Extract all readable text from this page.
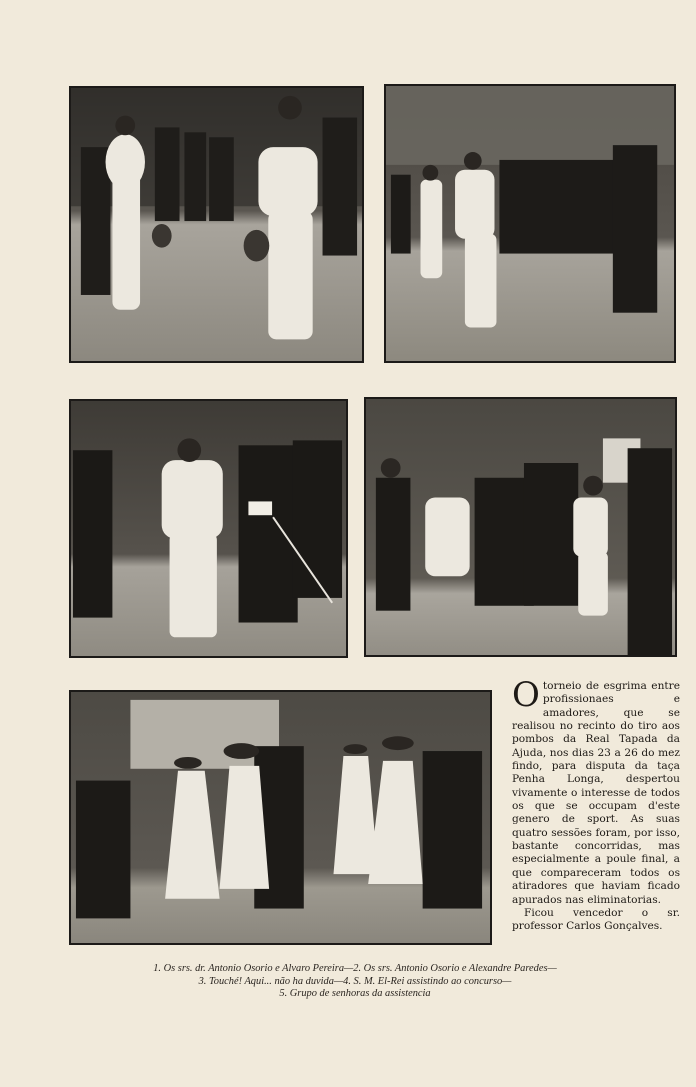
Otorneio de esgrima entre profissionaes e amadores, que se realisou no recinto do tiro aos pombos da Real Tapada da Ajuda, nos dias 23 a 26 do mez findo, para disputa da taça Penha Longa, despertou vivamente o interesse de todos os que se occupam d'este genero de sport. As suas quatro sessões foram, por isso, bastante concorridas, mas especialmente a poule final, a que compareceram todos os atiradores que haviam ficado apurados nas eliminatorias.

Ficou vencedor o sr. professor Carlos Gonçalves.

1. Os srs. dr. Antonio Osorio e Alvaro Pereira—2. Os srs. Antonio Osorio e Alexandre Paredes—
3. Touché! Aqui... não ha duvida—4. S. M. El-Rei assistindo ao concurso—
5. Grupo de senhoras da assistencia
